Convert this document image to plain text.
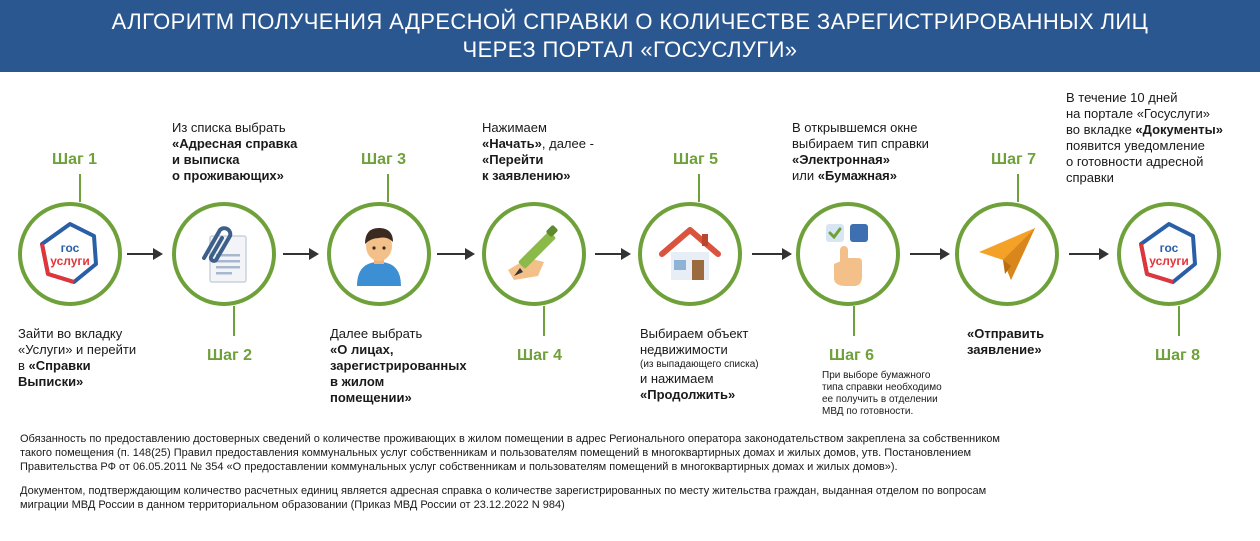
АЛГОРИТМ ПОЛУЧЕНИЯ АДРЕСНОЙ СПРАВКИ О КОЛИЧЕСТВЕ ЗАРЕГИСТРИРОВАННЫХ ЛИЦ
ЧЕРЕЗ ПОРТАЛ «ГОСУСЛУГИ»
Шаг 1
гос
услуги
Зайти во вкладку
«Услуги» и перейти
в «Справки
Выписки»
Из списка выбрать
«Адресная справка
и выписка
о проживающих»
Шаг 2
Шаг 3
Далее выбрать
«О лицах,
зарегистрированных
в жилом
помещении»
Нажимаем
«Начать», далее -
«Перейти
к заявлению»
Шаг 4
Шаг 5
Выбираем объект
недвижимости
(из выпадающего списка)
и нажимаем
«Продолжить»
В открывшемся окне
выбираем тип справки
«Электронная»
или «Бумажная»
Шаг 6
При выборе бумажного
типа справки необходимо
ее получить в отделении
МВД по готовности.
Шаг 7
«Отправить
заявление»
В течение 10 дней
на портале «Госуслуги»
во вкладке «Документы»
появится уведомление
о готовности адресной
справки
гос
услуги
Шаг 8

Обязанность по предоставлению достоверных сведений о количестве проживающих в жилом помещении в адрес Регионального оператора законодательством закреплена за собственником
такого помещения (п. 148(25) Правил предоставления коммунальных услуг собственникам и пользователям помещений в многоквартирных домах и жилых домов, утв. Постановлением
Правительства РФ от 06.05.2011 № 354 «О предоставлении коммунальных услуг собственникам и пользователям помещений в многоквартирных домах и жилых домов»).

Документом, подтверждающим количество расчетных единиц является адресная справка о количестве зарегистрированных по месту жительства граждан, выданная отделом по вопросам
миграции МВД России в данном территориальном образовании (Приказ МВД России от 23.12.2022 N 984)
